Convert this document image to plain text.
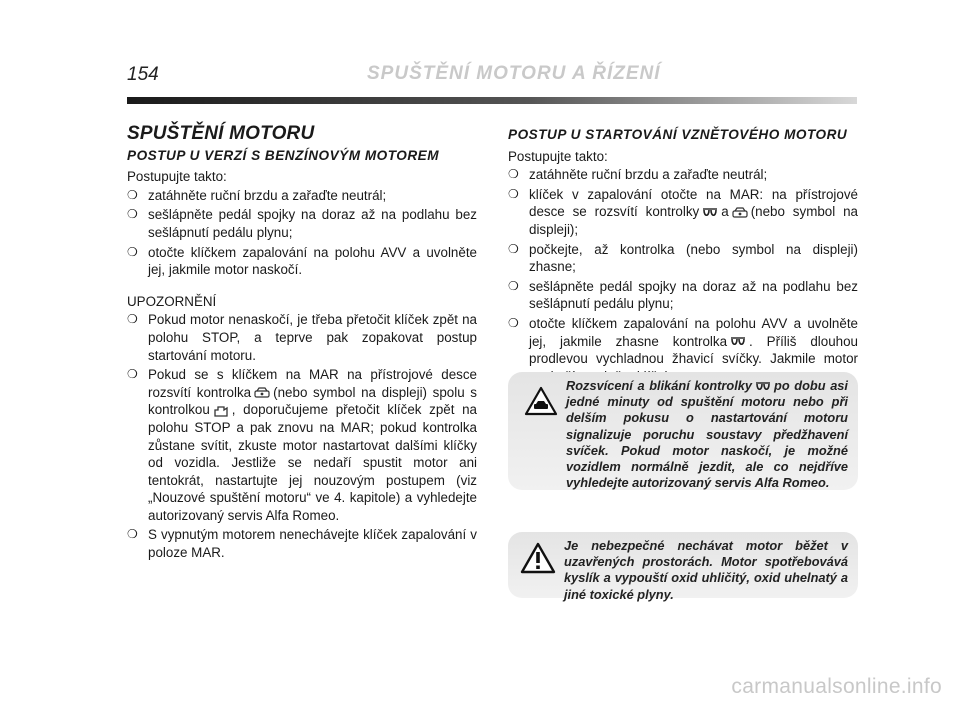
154	SPUŠTĚNÍ MOTORU A ŘÍZENÍ
SPUŠTĚNÍ MOTORU
POSTUP U VERZÍ S BENZÍNOVÝM MOTOREM

Postupujte takto:

❍ zatáhněte ruční brzdu a zařaďte neutrál;
❍ sešlápněte pedál spojky na doraz až na podlahu bez sešlápnutí pedálu plynu;
❍ otočte klíčkem zapalování na polohu AVV a uvolněte jej, jakmile motor naskočí.

UPOZORNĚNÍ

❍ Pokud motor nenaskočí, je třeba přetočit klíček zpět na polohu STOP, a teprve pak zopakovat postup startování motoru.
❍ Pokud se s klíčkem na MAR na přístrojové desce rozsvítí kontrolka (nebo symbol na displeji) spolu s kontrolkou , doporučujeme přetočit klíček zpět na polohu STOP a pak znovu na MAR; pokud kontrolka zůstane svítit, zkuste motor nastartovat dalšími klíčky od vozidla. Jestliže se nedaří spustit motor ani tentokrát, nastartujte jej nouzovým postupem (viz „Nouzové spuštění motoru“ ve 4. kapitole) a vyhledejte autorizovaný servis Alfa Romeo.
❍ S vypnutým motorem nenechávejte klíček zapalování v poloze MAR.
POSTUP U STARTOVÁNÍ VZNĚTOVÉHO MOTORU

Postupujte takto:

❍ zatáhněte ruční brzdu a zařaďte neutrál;
❍ klíček v zapalování otočte na MAR: na přístrojové desce se rozsvítí kontrolky a (nebo symbol na displeji);
❍ počkejte, až kontrolka (nebo symbol na displeji) zhasne;
❍ sešlápněte pedál spojky na doraz až na podlahu bez sešlápnutí pedálu plynu;
❍ otočte klíčkem zapalování na polohu AVV a uvolněte jej, jakmile zhasne kontrolka . Příliš dlouhou prodlevou vychladnou žhavicí svíčky. Jakmile motor
Rozsvícení a blikání kontrolky po dobu asi jedné minuty od spuštění motoru nebo při delším pokusu o nastartování motoru signalizuje poruchu soustavy předžhavení svíček. Pokud motor naskočí, je možné vozidlem normálně jezdit, ale co nejdříve vyhledejte autorizovaný servis Alfa Romeo.
Je nebezpečné nechávat motor běžet v uzavřených prostorách. Motor spotřebovává kyslík a vypouští oxid uhličitý, oxid uhelnatý a jiné toxické plyny.
carmanualsonline.info
